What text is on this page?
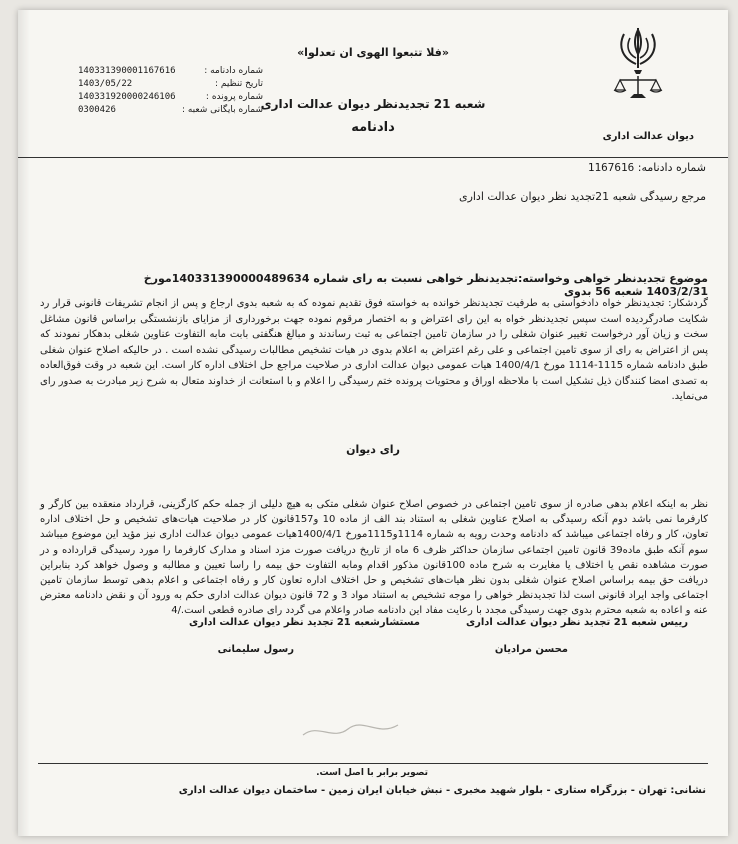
دیوان عدالت اداری
«فلا تتبعوا الهوی ان تعدلوا»
شعبه 21 تجدیدنظر دیوان عدالت اداری
دادنامه
شماره دادنامه :
140331390001167616
تاریخ تنظیم :
1403/05/22
شماره پرونده :
140331920000246106
شماره بایگانی شعبه :
0300426
شماره دادنامه: 1167616
مرجع رسیدگی شعبه 21تجدید نظر دیوان عدالت اداری
موضوع تجدیدنظر خواهی وخواسته:تجدیدنظر خواهی نسبت به رای شماره 140331390000489634مورخ 1403/2/31 شعبه 56 بدوی
گردشکار: تجدیدنظر خواه دادخواستی به طرفیت تجدیدنظر خوانده به خواسته فوق تقدیم نموده که به شعبه بدوی ارجاع و پس از انجام تشریفات قانونی قرار رد شکایت صادرگردیده است سپس تجدیدنظر خواه به این رای اعتراض و به اختصار مرقوم نموده جهت برخورداری از مزایای بازنشستگی براساس قانون مشاغل سخت و زیان آور درخواست تغییر عنوان شغلی را در سازمان تامین اجتماعی به ثبت رساندند و مبالغ هنگفتی بابت مابه التفاوت عناوین شغلی بدهکار نمودند که پس از اعتراض به رای از سوی تامین اجتماعی و علی رغم اعتراض به اعلام بدوی در هیات تشخیص مطالبات رسیدگی نشده است . در حالیکه اصلاح عنوان شغلی طبق دادنامه شماره 1115-1114 مورخ 1400/4/1 هیات عمومی دیوان عدالت اداری در صلاحیت مراجع حل اختلاف اداره کار است. این شعبه در وقت فوق‌العاده به تصدی امضا کنندگان ذیل تشکیل است با ملاحظه اوراق و محتویات پرونده ختم رسیدگی را اعلام و با استعانت از خداوند متعال به شرح زیر مبادرت به صدور رای می‌نماید.
رای دیوان
نظر به اینکه اعلام بدهی صادره از سوی تامین اجتماعی در خصوص اصلاح عنوان شغلی متکی به هیچ دلیلی از جمله حکم کارگزینی، قرارداد منعقده بین کارگر و کارفرما نمی باشد دوم آنکه رسیدگی به اصلاح عناوین شغلی به استناد بند الف از ماده 10 و157قانون کار در صلاحیت هیات‌های تشخیص و حل اختلاف اداره تعاون، کار و رفاه اجتماعی میباشد که دادنامه وحدت رویه به شماره 1114و1115مورخ 1400/4/1هیات عمومی دیوان عدالت اداری نیز مؤید این موضوع میباشد سوم آنکه طبق ماده39 قانون تامین اجتماعی سازمان حداکثر ظرف 6 ماه از تاریخ دریافت صورت مزد اسناد و مدارک کارفرما را مورد رسیدگی قرارداده و در صورت مشاهده نقص یا اختلاف یا مغایرت به شرح ماده 100قانون مذکور اقدام ومابه التفاوت حق بیمه را راسا تعیین و مطالبه و وصول خواهد کرد بنابراین دریافت حق بیمه براساس اصلاح عنوان شغلی بدون نظر هیات‌های تشخیص و حل اختلاف اداره تعاون کار و رفاه اجتماعی و اعلام بدهی توسط سازمان تامین اجتماعی واجد ایراد قانونی است لذا تجدیدنظر خواهی را موجه تشخیص به استناد مواد 3 و 72 قانون دیوان عدالت اداری حکم به ورود آن و نقض دادنامه معترض عنه و اعاده به شعبه محترم بدوی جهت رسیدگی مجدد با رعایت مفاد این دادنامه صادر واعلام می گردد رای صادره قطعی است./4
رییس شعبه 21 تجدید نظر دیوان عدالت اداری
مستشارشعبه 21 تجدید نظر دیوان عدالت اداری
محسن مرادیان
رسول سلیمانی
تصویر برابر با اصل است.
نشانی: تهران - بزرگراه ستاری - بلوار شهید مخبری - نبش خیابان ایران زمین - ساختمان دیوان عدالت اداری
